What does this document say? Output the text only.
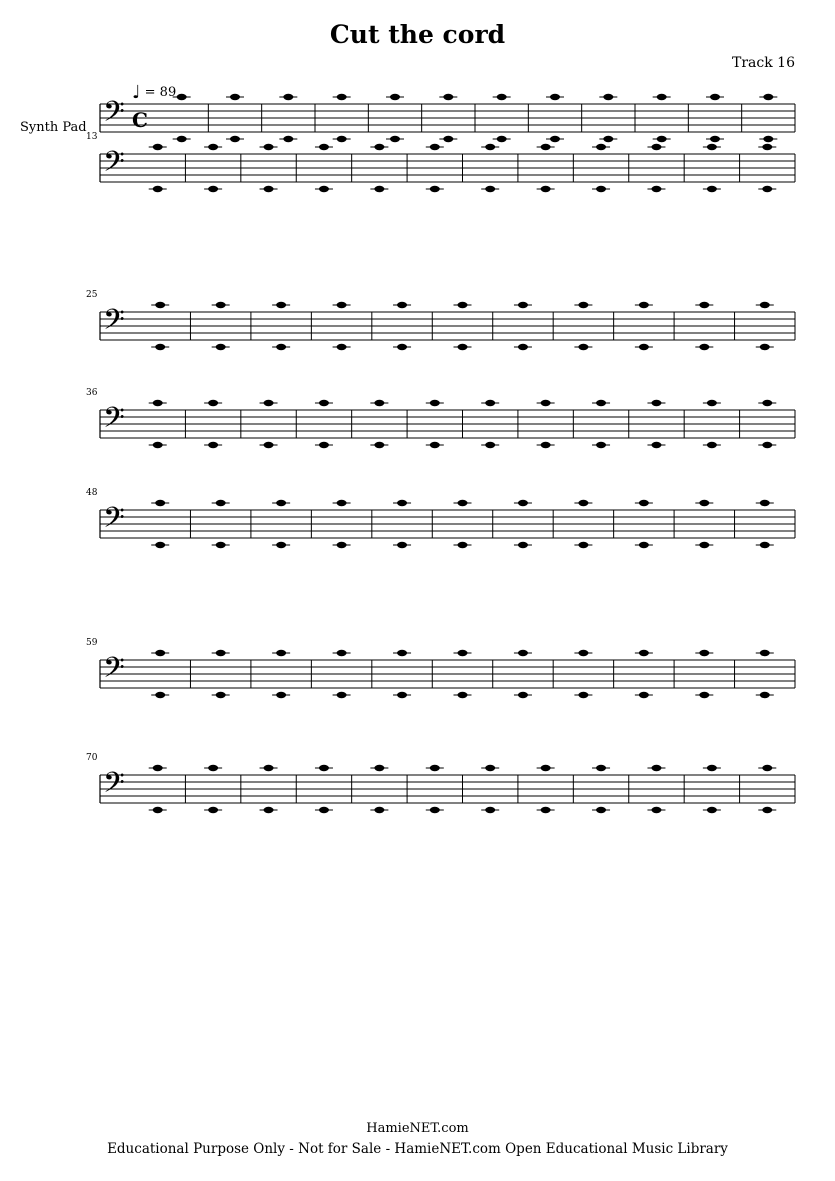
Cut the cord
Track 16
♩ = 89
Synth Pad 𝄢 C
𝄢
𝄢
𝄢
𝄢
𝄢
𝄢
13
25
36
48
59
70
HamieNET.com
Educational Purpose Only - Not for Sale - HamieNET.com Open Educational Music Library
